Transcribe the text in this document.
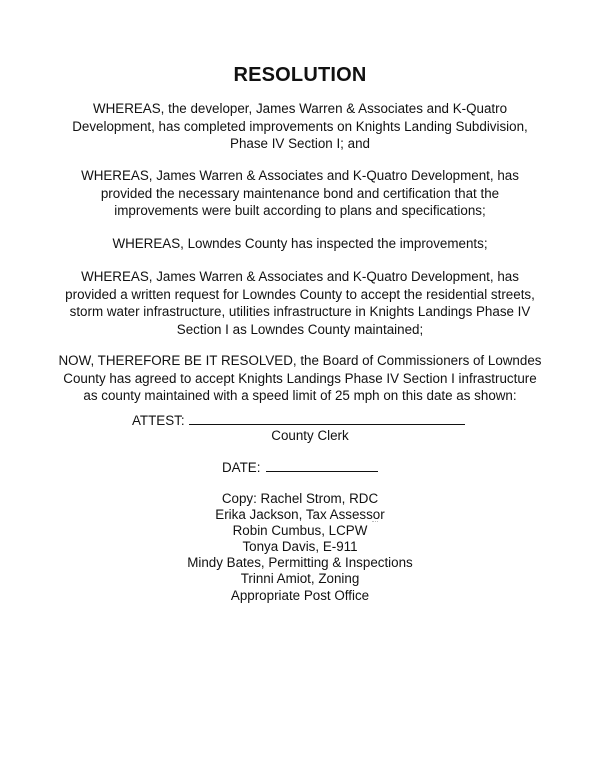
RESOLUTION
WHEREAS, the developer, James Warren & Associates and K-Quatro
Development, has completed improvements on Knights Landing Subdivision,
Phase IV Section I; and
WHEREAS, James Warren & Associates and K-Quatro Development, has
provided the necessary maintenance bond and certification that the
improvements were built according to plans and specifications;
WHEREAS, Lowndes County has inspected the improvements;
WHEREAS, James Warren & Associates and K-Quatro Development, has
provided a written request for Lowndes County to accept the residential streets,
storm water infrastructure, utilities infrastructure in Knights Landings Phase IV
Section I as Lowndes County maintained;
NOW, THEREFORE BE IT RESOLVED, the Board of Commissioners of Lowndes
County has agreed to accept Knights Landings Phase IV Section I infrastructure
as county maintained with a speed limit of 25 mph on this date as shown:
ATTEST:
County Clerk
DATE:
Copy: Rachel Strom, RDC
Erika Jackson, Tax Assessor
Robin Cumbus, LCPW
Tonya Davis, E-911
Mindy Bates, Permitting & Inspections
Trinni Amiot, Zoning
Appropriate Post Office
